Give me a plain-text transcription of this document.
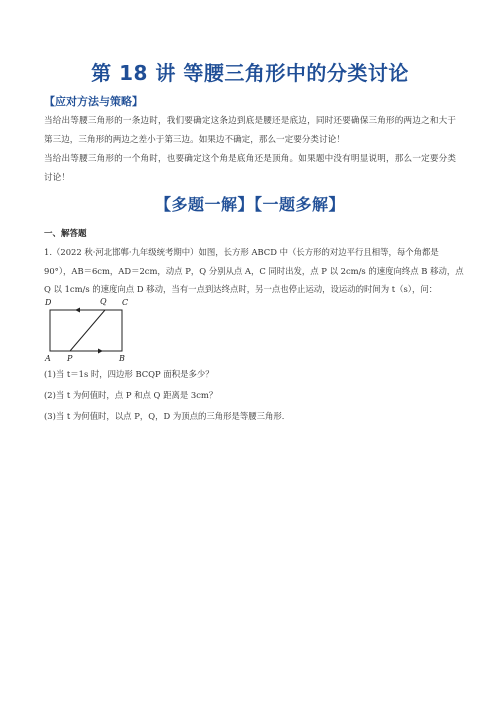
第 18 讲 等腰三角形中的分类讨论
【应对方法与策略】
当给出等腰三角形的一条边时，我们要确定这条边到底是腰还是底边，同时还要确保三角形的两边之和大于第三边，三角形的两边之差小于第三边。如果边不确定，那么一定要分类讨论！
当给出等腰三角形的一个角时，也要确定这个角是底角还是顶角。如果题中没有明显说明，那么一定要分类讨论！
【多题一解】【一题多解】
一、解答题
1.（2022 秋·河北邯郸·九年级统考期中）如图，长方形 ABCD 中（长方形的对边平行且相等，每个角都是
90°），AB＝6cm，AD＝2cm，动点 P，Q 分别从点 A，C 同时出发，点 P 以 2cm/s 的速度向终点 B 移动，点
Q 以 1cm/s 的速度向点 D 移动，当有一点到达终点时，另一点也停止运动，设运动的时间为 t（s），问：
D	Q C
A P	B
(1)当 t＝1s 时，四边形 BCQP 面积是多少？
(2)当 t 为何值时，点 P 和点 Q 距离是 3cm？
(3)当 t 为何值时，以点 P，Q，D 为顶点的三角形是等腰三角形．
